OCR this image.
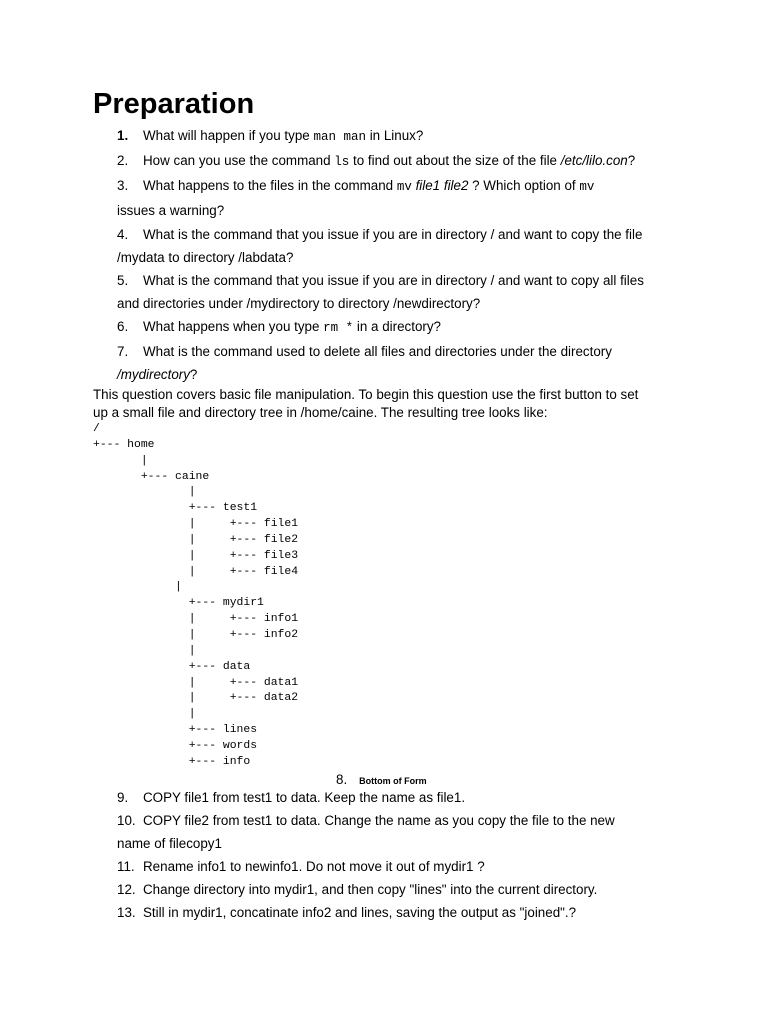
Preparation
1. What will happen if you type man man in Linux?
2. How can you use the command ls to find out about the size of the file /etc/lilo.con?
3. What happens to the files in the command mv file1 file2 ? Which option of mv
issues a warning?
4. What is the command that you issue if you are in directory / and want to copy the file
/mydata to directory /labdata?
5. What is the command that you issue if you are in directory / and want to copy all files
and directories under /mydirectory to directory /newdirectory?
6. What happens when you type rm * in a directory?
7. What is the command used to delete all files and directories under the directory
/mydirectory?
This question covers basic file manipulation. To begin this question use the first button to set
up a small file and directory tree in /home/caine. The resulting tree looks like:
/
+--- home
|
+--- caine
|
+--- test1
|     +--- file1
|     +--- file2
|     +--- file3
|     +--- file4
|
+--- mydir1
|     +--- info1
|     +--- info2
|
+--- data
|     +--- data1
|     +--- data2
|
+--- lines
+--- words
+--- info
8. Bottom of Form
9. COPY file1 from test1 to data. Keep the name as file1.
10. COPY file2 from test1 to data. Change the name as you copy the file to the new
name of filecopy1
11. Rename info1 to newinfo1. Do not move it out of mydir1 ?
12. Change directory into mydir1, and then copy "lines" into the current directory.
13. Still in mydir1, concatinate info2 and lines, saving the output as "joined".?
